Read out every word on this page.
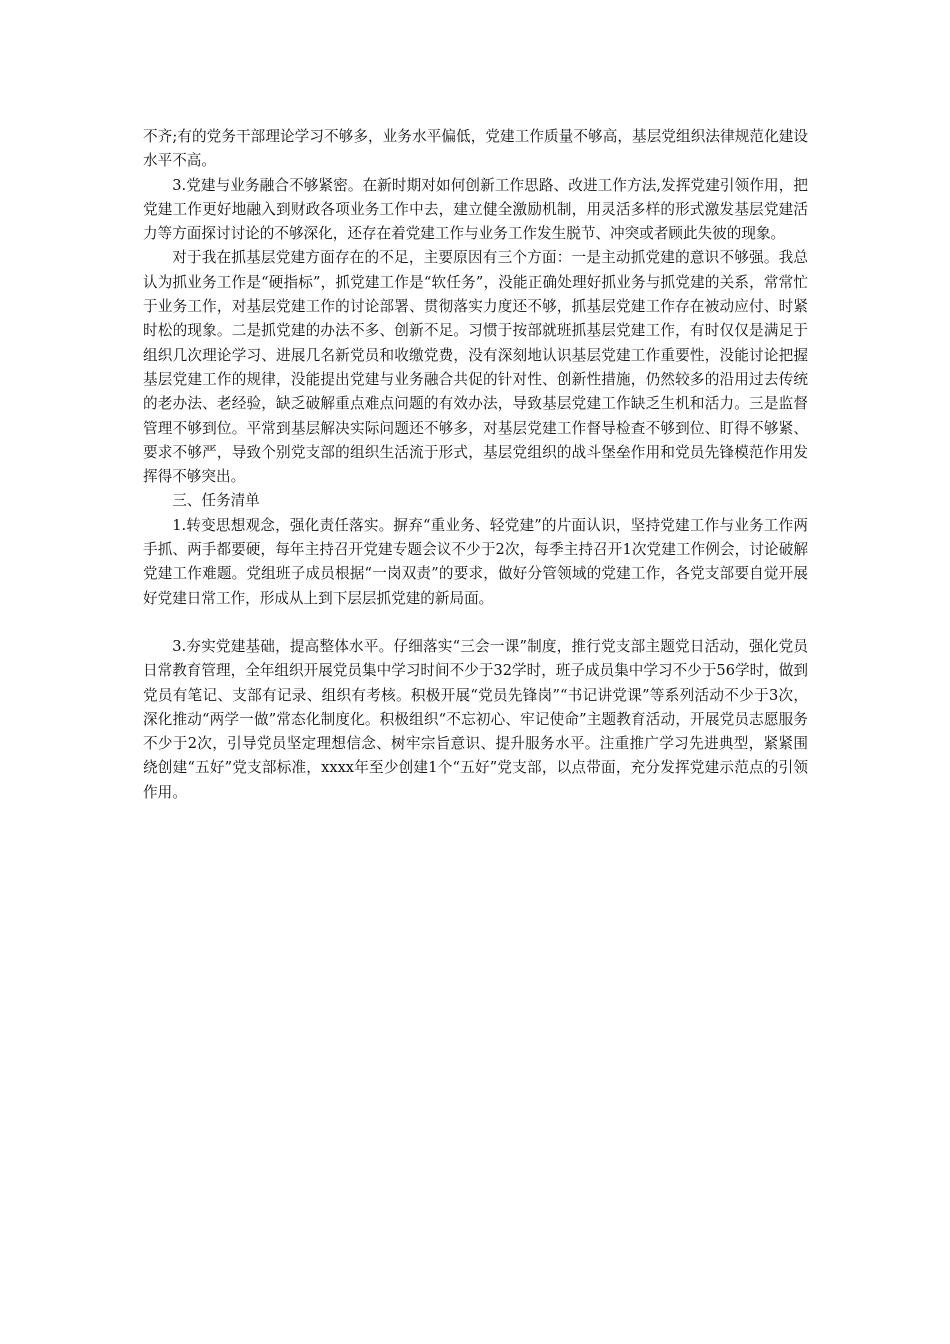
不齐;有的党务干部理论学习不够多，业务水平偏低，党建工作质量不够高，基层党组织法律规范化建设水平不高。

3.党建与业务融合不够紧密。在新时期对如何创新工作思路、改进工作方法,发挥党建引领作用，把党建工作更好地融入到财政各项业务工作中去，建立健全激励机制，用灵活多样的形式激发基层党建活力等方面探讨讨论的不够深化，还存在着党建工作与业务工作发生脱节、冲突或者顾此失彼的现象。

对于我在抓基层党建方面存在的不足，主要原因有三个方面：一是主动抓党建的意识不够强。我总认为抓业务工作是“硬指标”，抓党建工作是“软任务”，没能正确处理好抓业务与抓党建的关系，常常忙于业务工作，对基层党建工作的讨论部署、贯彻落实力度还不够，抓基层党建工作存在被动应付、时紧时松的现象。二是抓党建的办法不多、创新不足。习惯于按部就班抓基层党建工作，有时仅仅是满足于组织几次理论学习、进展几名新党员和收缴党费，没有深刻地认识基层党建工作重要性，没能讨论把握基层党建工作的规律，没能提出党建与业务融合共促的针对性、创新性措施，仍然较多的沿用过去传统的老办法、老经验，缺乏破解重点难点问题的有效办法，导致基层党建工作缺乏生机和活力。三是监督管理不够到位。平常到基层解决实际问题还不够多，对基层党建工作督导检查不够到位、盯得不够紧、要求不够严，导致个别党支部的组织生活流于形式，基层党组织的战斗堡垒作用和党员先锋模范作用发挥得不够突出。

三、任务清单

1.转变思想观念，强化责任落实。摒弃“重业务、轻党建”的片面认识，坚持党建工作与业务工作两手抓、两手都要硬，每年主持召开党建专题会议不少于2次，每季主持召开1次党建工作例会，讨论破解党建工作难题。党组班子成员根据“一岗双责”的要求，做好分管领域的党建工作，各党支部要自觉开展好党建日常工作，形成从上到下层层抓党建的新局面。

3.夯实党建基础，提高整体水平。仔细落实“三会一课”制度，推行党支部主题党日活动，强化党员日常教育管理，全年组织开展党员集中学习时间不少于32学时，班子成员集中学习不少于56学时，做到党员有笔记、支部有记录、组织有考核。积极开展“党员先锋岗”“书记讲党课”等系列活动不少于3次，深化推动“两学一做”常态化制度化。积极组织“不忘初心、牢记使命”主题教育活动，开展党员志愿服务不少于2次，引导党员坚定理想信念、树牢宗旨意识、提升服务水平。注重推广学习先进典型，紧紧围绕创建“五好”党支部标准，xxxx年至少创建1个“五好”党支部，以点带面，充分发挥党建示范点的引领作用。
